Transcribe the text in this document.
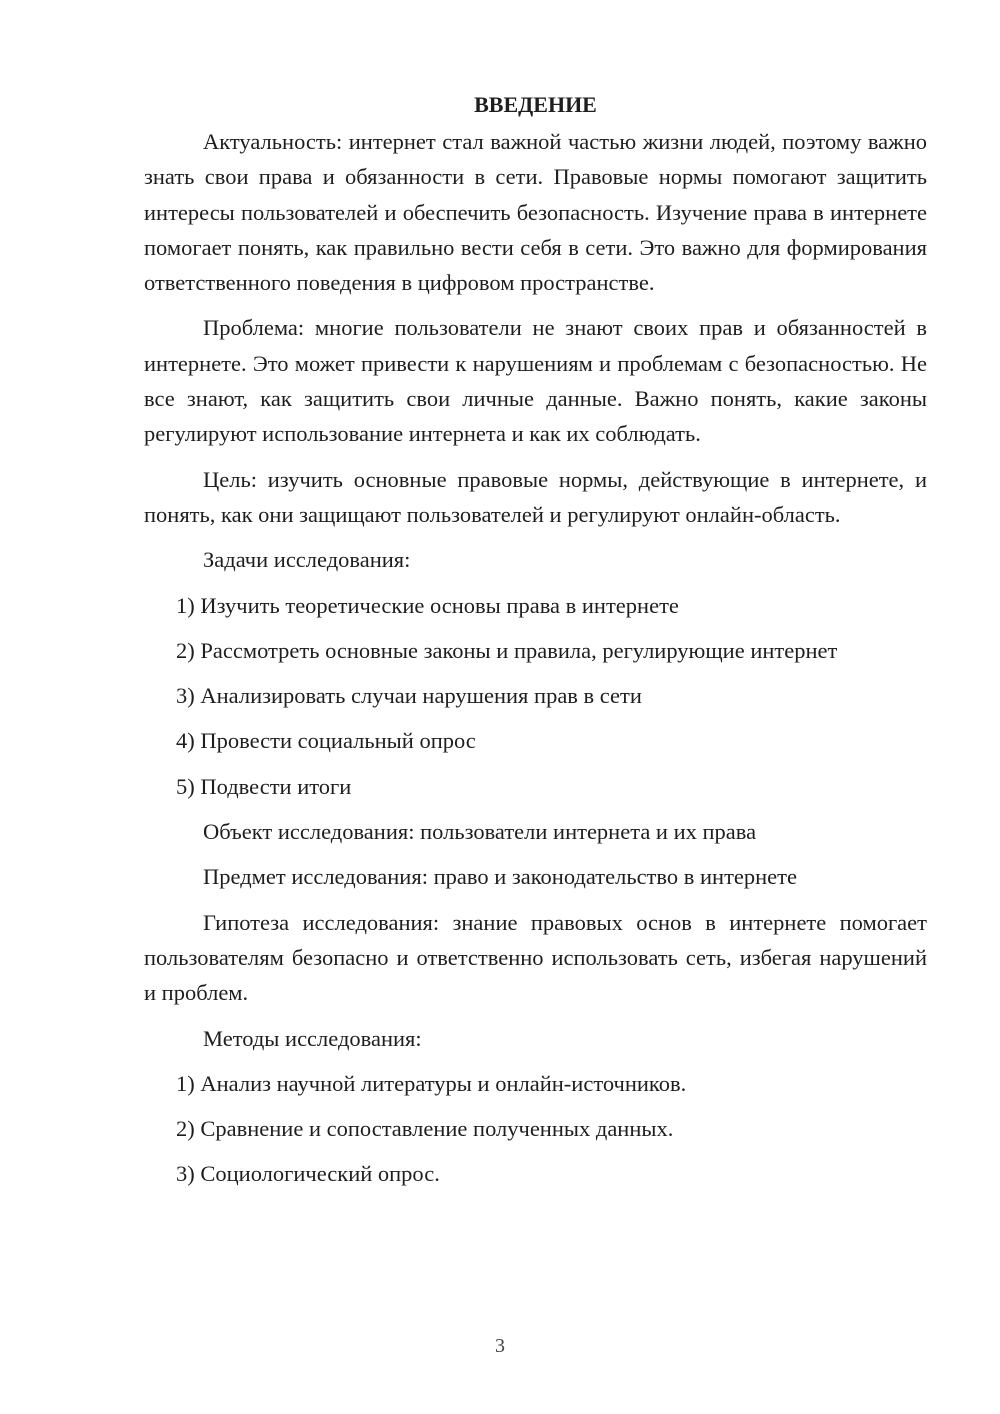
ВВЕДЕНИЕ

Актуальность: интернет стал важной частью жизни людей, поэтому важно знать свои права и обязанности в сети. Правовые нормы помогают защитить интересы пользователей и обеспечить безопасность. Изучение права в интернете помогает понять, как правильно вести себя в сети. Это важно для формирования ответственного поведения в цифровом пространстве.

Проблема: многие пользователи не знают своих прав и обязанностей в интернете. Это может привести к нарушениям и проблемам с безопасностью. Не все знают, как защитить свои личные данные. Важно понять, какие законы регулируют использование интернета и как их соблюдать.

Цель: изучить основные правовые нормы, действующие в интернете, и понять, как они защищают пользователей и регулируют онлайн-область.

Задачи исследования:
1) Изучить теоретические основы права в интернете
2) Рассмотреть основные законы и правила, регулирующие интернет
3) Анализировать случаи нарушения прав в сети
4) Провести социальный опрос
5) Подвести итоги
Объект исследования: пользователи интернета и их права
Предмет исследования: право и законодательство в интернете

Гипотеза исследования: знание правовых основ в интернете помогает пользователям безопасно и ответственно использовать сеть, избегая нарушений и проблем.

Методы исследования:
1) Анализ научной литературы и онлайн-источников.
2) Сравнение и сопоставление полученных данных.
3) Социологический опрос.
3
